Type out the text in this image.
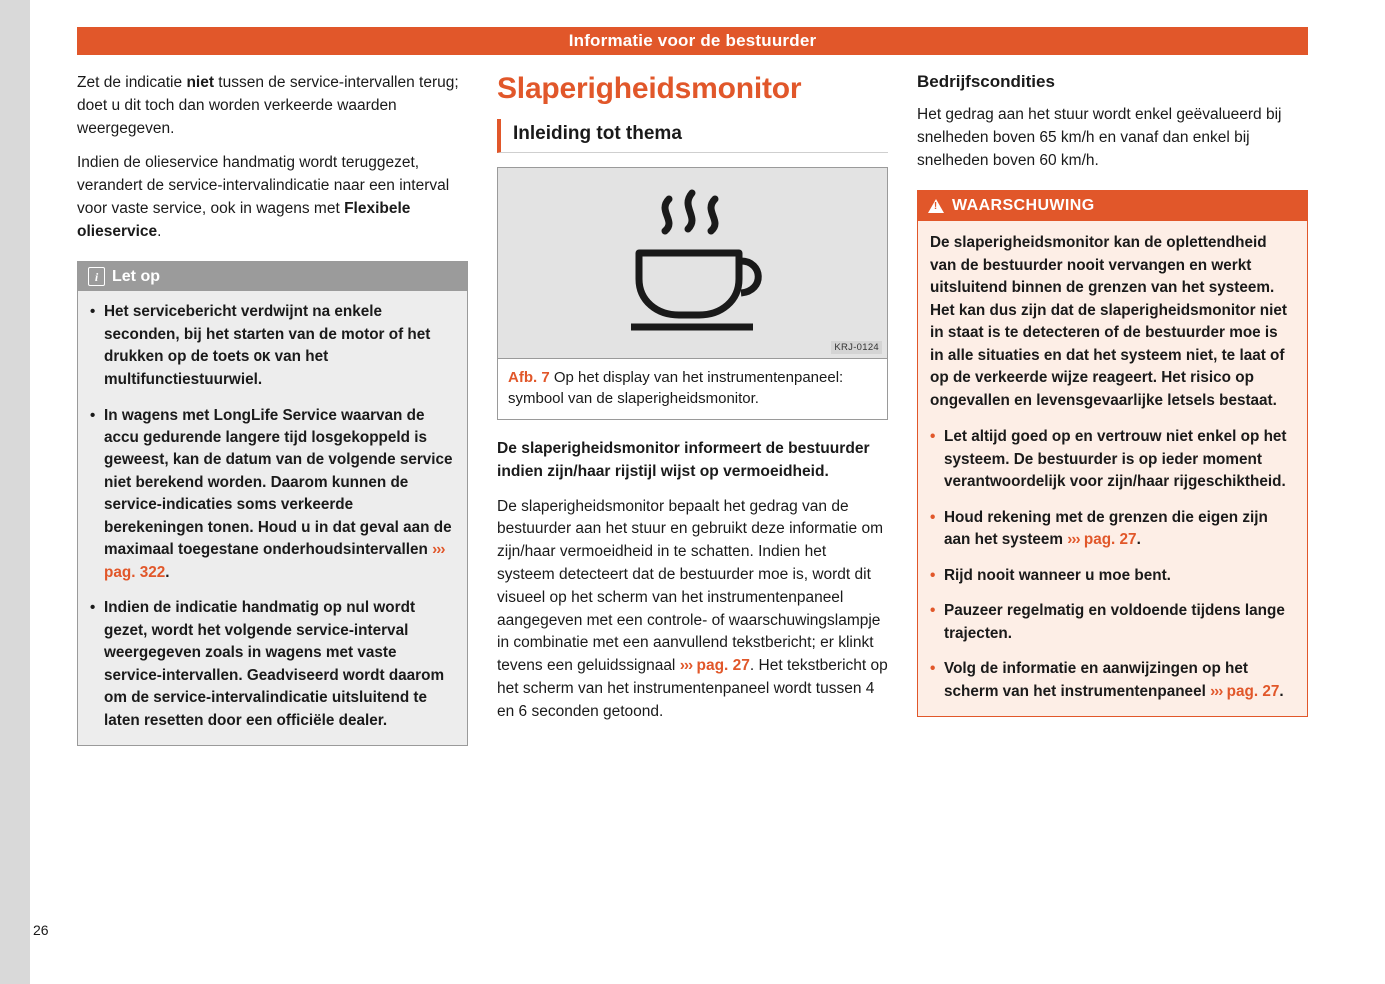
Informatie voor de bestuurder

Zet de indicatie niet tussen de service-intervallen terug; doet u dit toch dan worden verkeerde waarden weergegeven.

Indien de olieservice handmatig wordt teruggezet, verandert de service-intervalindicatie naar een interval voor vaste service, ook in wagens met Flexibele olieservice.

i Let op

• Het servicebericht verdwijnt na enkele seconden, bij het starten van de motor of het drukken op de toets OK van het multifunctiestuurwiel.

• In wagens met LongLife Service waarvan de accu gedurende langere tijd losgekoppeld is geweest, kan de datum van de volgende service niet berekend worden. Daarom kunnen de service-indicaties soms verkeerde berekeningen tonen. Houd u in dat geval aan de maximaal toegestane onderhoudsintervallen ››› pag. 322.

• Indien de indicatie handmatig op nul wordt gezet, wordt het volgende service-interval weergegeven zoals in wagens met vaste service-intervallen. Geadviseerd wordt daarom om de service-intervalindicatie uitsluitend te laten resetten door een officiële dealer.

Slaperigheidsmonitor
Inleiding tot thema
KRJ-0124
Afb. 7 Op het display van het instrumentenpaneel: symbool van de slaperigheidsmonitor.

De slaperigheidsmonitor informeert de bestuurder indien zijn/haar rijstijl wijst op vermoeidheid.

De slaperigheidsmonitor bepaalt het gedrag van de bestuurder aan het stuur en gebruikt deze informatie om zijn/haar vermoeidheid in te schatten. Indien het systeem detecteert dat de bestuurder moe is, wordt dit visueel op het scherm van het instrumentenpaneel aangegeven met een controle- of waarschuwingslampje in combinatie met een aanvullend tekstbericht; er klinkt tevens een geluidssignaal ››› pag. 27. Het tekstbericht op het scherm van het instrumentenpaneel wordt tussen 4 en 6 seconden getoond.

Bedrijfscondities

Het gedrag aan het stuur wordt enkel geëvalueerd bij snelheden boven 65 km/h en vanaf dan enkel bij snelheden boven 60 km/h.

!
WAARSCHUWING

De slaperigheidsmonitor kan de oplettendheid van de bestuurder nooit vervangen en werkt uitsluitend binnen de grenzen van het systeem. Het kan dus zijn dat de slaperigheidsmonitor niet in staat is te detecteren of de bestuurder moe is in alle situaties en dat het systeem niet, te laat of op de verkeerde wijze reageert. Het risico op ongevallen en levensgevaarlijke letsels bestaat.

• Let altijd goed op en vertrouw niet enkel op het systeem. De bestuurder is op ieder moment verantwoordelijk voor zijn/haar rijgeschiktheid.

• Houd rekening met de grenzen die eigen zijn aan het systeem ››› pag. 27.

• Rijd nooit wanneer u moe bent.

• Pauzeer regelmatig en voldoende tijdens lange trajecten.

• Volg de informatie en aanwijzingen op het scherm van het instrumentenpaneel ››› pag. 27.

26
